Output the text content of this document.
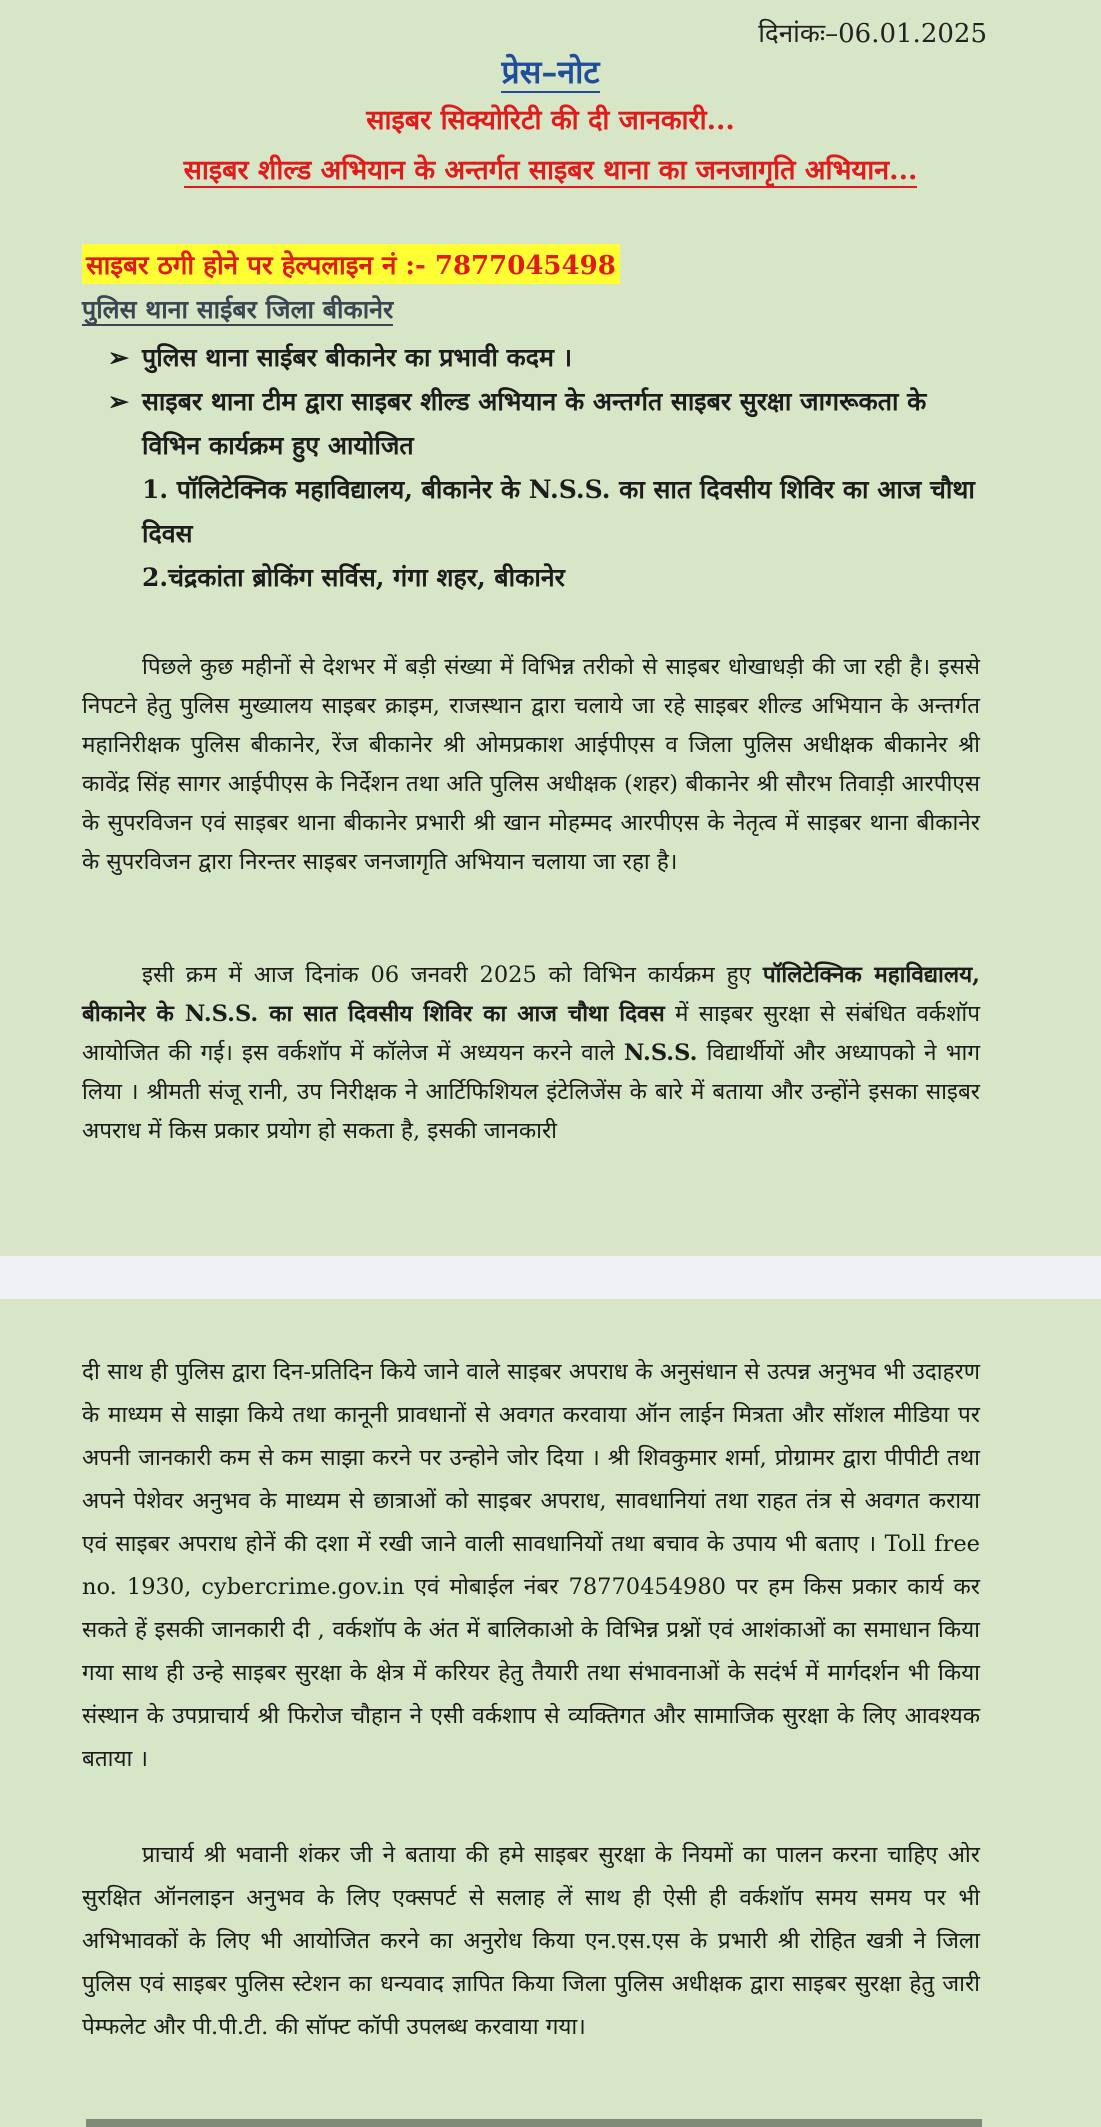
दिनांकः–06.01.2025
प्रेस–नोट
साइबर सिक्योरिटी की दी जानकारी...
साइबर शील्ड अभियान के अन्तर्गत साइबर थाना का जनजागृति अभियान...
साइबर ठगी होने पर हेल्पलाइन नं :- 7877045498
पुलिस थाना साईबर जिला बीकानेर
➢ पुलिस थाना साईबर बीकानेर का प्रभावी कदम ।
➢ साइबर थाना टीम द्वारा साइबर शील्ड अभियान के अन्तर्गत साइबर सुरक्षा जागरूकता के विभिन कार्यक्रम हुए आयोजित
1. पॉलिटेक्निक महाविद्यालय, बीकानेर के N.S.S. का सात दिवसीय शिविर का आज चौथा दिवस
2.चंद्रकांता ब्रोकिंग सर्विस, गंगा शहर, बीकानेर

पिछले कुछ महीनों से देशभर में बड़ी संख्या में विभिन्न तरीको से साइबर धोखाधड़ी की जा रही है। इससे निपटने हेतु पुलिस मुख्यालय साइबर क्राइम, राजस्थान द्वारा चलाये जा रहे साइबर शील्ड अभियान के अन्तर्गत महानिरीक्षक पुलिस बीकानेर, रेंज बीकानेर श्री ओमप्रकाश आईपीएस व जिला पुलिस अधीक्षक बीकानेर श्री कावेंद्र सिंह सागर आईपीएस के निर्देशन तथा अति पुलिस अधीक्षक (शहर) बीकानेर श्री सौरभ तिवाड़ी आरपीएस के सुपरविजन एवं साइबर थाना बीकानेर प्रभारी श्री खान मोहम्मद आरपीएस के नेतृत्व में साइबर थाना बीकानेर के सुपरविजन द्वारा निरन्तर साइबर जनजागृति अभियान चलाया जा रहा है।

इसी क्रम में आज दिनांक 06 जनवरी 2025 को विभिन कार्यक्रम हुए पॉलिटेक्निक महाविद्यालय, बीकानेर के N.S.S. का सात दिवसीय शिविर का आज चौथा दिवस में साइबर सुरक्षा से संबंधित वर्कशॉप आयोजित की गई। इस वर्कशॉप में कॉलेज में अध्ययन करने वाले N.S.S. विद्यार्थीयों और अध्यापको ने भाग लिया । श्रीमती संजू रानी, उप निरीक्षक ने आर्टिफिशियल इंटेलिजेंस के बारे में बताया और उन्होंने इसका साइबर अपराध में किस प्रकार प्रयोग हो सकता है, इसकी जानकारी

दी साथ ही पुलिस द्वारा दिन-प्रतिदिन किये जाने वाले साइबर अपराध के अनुसंधान से उत्पन्न अनुभव भी उदाहरण के माध्यम से साझा किये तथा कानूनी प्रावधानों से अवगत करवाया ऑन लाईन मित्रता और सॉशल मीडिया पर अपनी जानकारी कम से कम साझा करने पर उन्होने जोर दिया । श्री शिवकुमार शर्मा, प्रोग्रामर द्वारा पीपीटी तथा अपने पेशेवर अनुभव के माध्यम से छात्राओं को साइबर अपराध, सावधानियां तथा राहत तंत्र से अवगत कराया एवं साइबर अपराध होनें की दशा में रखी जाने वाली सावधानियों तथा बचाव के उपाय भी बताए । Toll free no. 1930, cybercrime.gov.in एवं मोबाईल नंबर 78770454980 पर हम किस प्रकार कार्य कर सकते हें इसकी जानकारी दी , वर्कशॉप के अंत में बालिकाओ के विभिन्न प्रश्नों एवं आशंकाओं का समाधान किया गया साथ ही उन्हे साइबर सुरक्षा के क्षेत्र में करियर हेतु तैयारी तथा संभावनाओं के सदंर्भ में मार्गदर्शन भी किया संस्थान के उपप्राचार्य श्री फिरोज चौहान ने एसी वर्कशाप से व्यक्तिगत और सामाजिक सुरक्षा के लिए आवश्यक बताया ।

प्राचार्य श्री भवानी शंकर जी ने बताया की हमे साइबर सुरक्षा के नियमों का पालन करना चाहिए ओर सुरक्षित ऑनलाइन अनुभव के लिए एक्सपर्ट से सलाह लें साथ ही ऐसी ही वर्कशॉप समय समय पर भी अभिभावकों के लिए भी आयोजित करने का अनुरोध किया एन.एस.एस के प्रभारी श्री रोहित खत्री ने जिला पुलिस एवं साइबर पुलिस स्टेशन का धन्यवाद ज्ञापित किया जिला पुलिस अधीक्षक द्वारा साइबर सुरक्षा हेतु जारी पेम्फलेट और पी.पी.टी. की सॉफ्ट कॉपी उपलब्ध करवाया गया।
